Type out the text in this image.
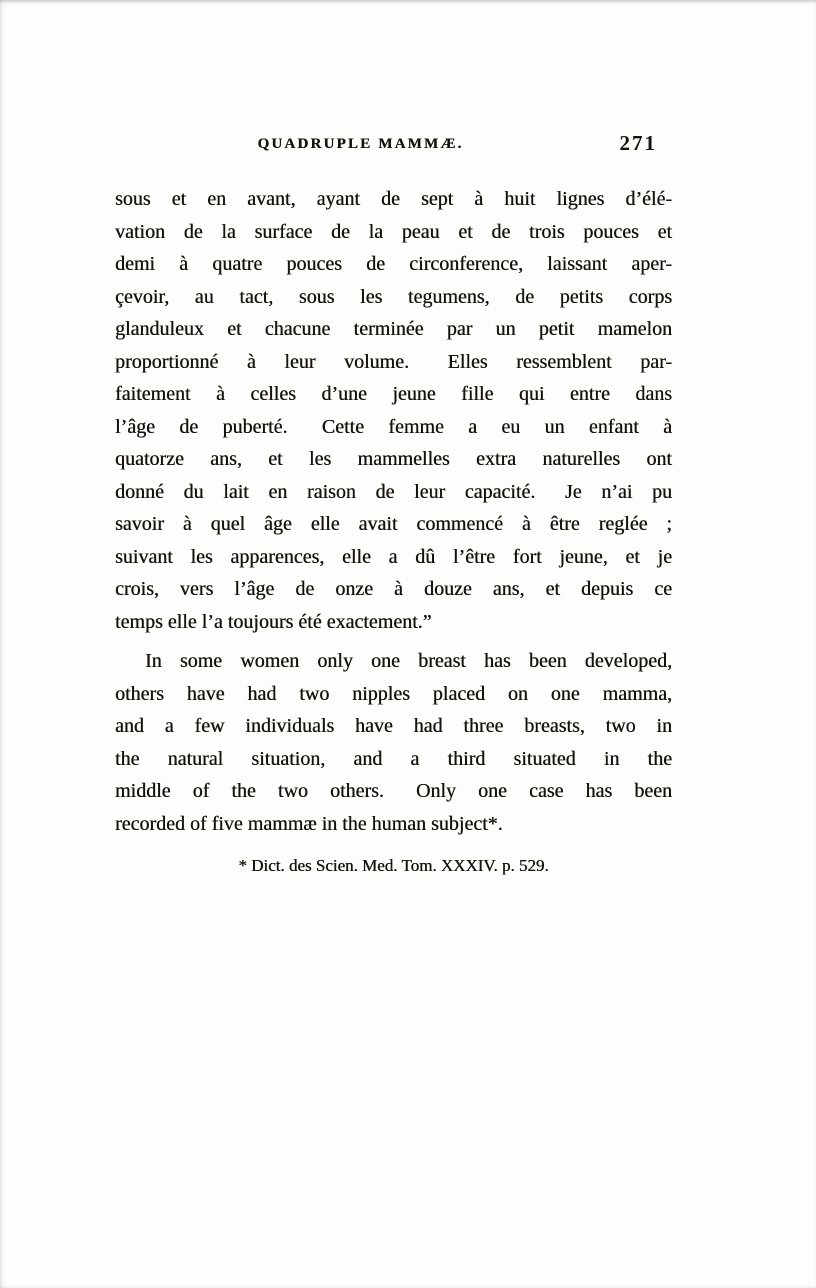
QUADRUPLE MAMMÆ.	271
sous et en avant, ayant de sept à huit lignes d’élé-
vation de la surface de la peau et de trois pouces et
demi à quatre pouces de circonference, laissant aper-
çevoir, au tact, sous les tegumens, de petits corps
glanduleux et chacune terminée par un petit mamelon
proportionné à leur volume.  Elles ressemblent par-
faitement à celles d’une jeune fille qui entre dans
l’âge de puberté.  Cette femme a eu un enfant à
quatorze ans, et les mammelles extra naturelles ont
donné du lait en raison de leur capacité.  Je n’ai pu
savoir à quel âge elle avait commencé à être reglée ;
suivant les apparences, elle a dû l’être fort jeune, et je
crois, vers l’âge de onze à douze ans, et depuis ce
temps elle l’a toujours été exactement.”
In some women only one breast has been developed,
others have had two nipples placed on one mamma,
and a few individuals have had three breasts, two in
the natural situation, and a third situated in the
middle of the two others.  Only one case has been
recorded of five mammæ in the human subject*.
* Dict. des Scien. Med. Tom. XXXIV. p. 529.
